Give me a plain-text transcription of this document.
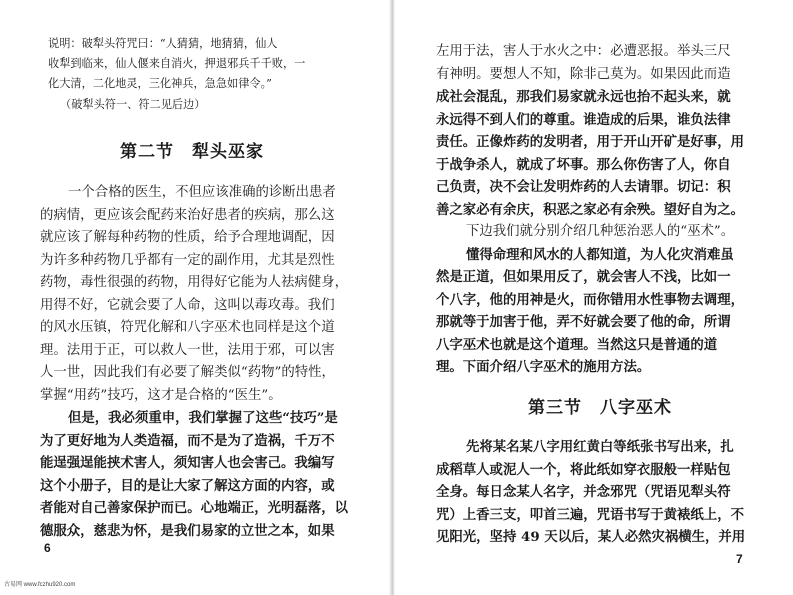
说明：破犁头符咒曰：“人猜猜，地猜猜，仙人
收犁到临来，仙人偃来自消火，押退邪兵千千败，一
化大清，二化地灵，三化神兵，急急如律令。”
（破犁头符一、符二见后边）
第二节 犁头巫家
一个合格的医生，不但应该准确的诊断出患者
的病情，更应该会配药来治好患者的疾病，那么这
就应该了解每种药物的性质，给予合理地调配，因
为许多种药物几乎都有一定的副作用，尤其是烈性
药物，毒性很强的药物，用得好它能为人祛病健身，
用得不好，它就会要了人命，这叫以毒攻毒。我们
的风水压镇，符咒化解和八字巫术也同样是这个道
理。法用于正，可以救人一世，法用于邪，可以害
人一世，因此我们有必要了解类似“药物”的特性，
掌握“用药”技巧，这才是合格的“医生”。
但是，我必须重申，我们掌握了这些“技巧”是
为了更好地为人类造福，而不是为了造祸，千万不
能逞强逞能挟术害人，须知害人也会害己。我编写
这个小册子，目的是让大家了解这方面的内容，或
者能对自己善家保护而已。心地端正，光明磊落，以
德服众，慈悲为怀，是我们易家的立世之本，如果
6
左用于法，害人于水火之中：必遭恶报。举头三尺
有神明。要想人不知，除非己莫为。如果因此而造
成社会混乱，那我们易家就永远也抬不起头来，就
永远得不到人们的尊重。谁造成的后果，谁负法律
责任。正像炸药的发明者，用于开山开矿是好事，用
于战争杀人，就成了坏事。那么你伤害了人，你自
己负责，决不会让发明炸药的人去请罪。切记：积
善之家必有余庆，积恶之家必有余殃。望好自为之。
下边我们就分别介绍几种惩治恶人的“巫术”。
懂得命理和风水的人都知道，为人化灾消难虽
然是正道，但如果用反了，就会害人不浅，比如一
个八字，他的用神是火，而你错用水性事物去调理，
那就等于加害于他，弄不好就会要了他的命，所谓
八字巫术也就是这个道理。当然这只是普通的道
理。下面介绍八字巫术的施用方法。
第三节 八字巫术
先将某名某八字用红黄白等纸张书写出来，扎
成稻草人或泥人一个，将此纸如穿衣服般一样贴包
全身。每日念某人名字，并念邪咒（咒语见犁头符
咒）上香三支，叩首三遍，咒语书写于黄裱纸上，不
见阳光，坚持 49 天以后，某人必然灾祸横生，并用
7
古易网 www.fczhu920.com
